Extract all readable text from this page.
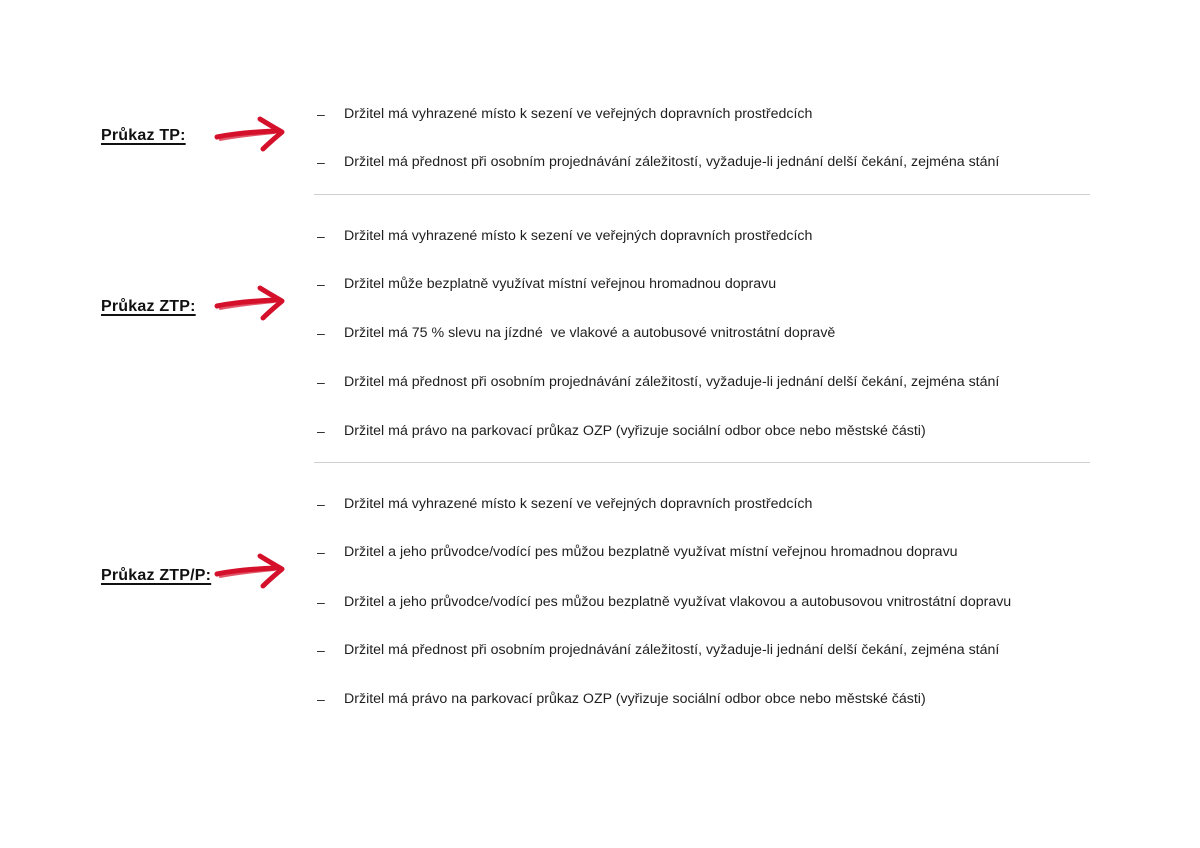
Průkaz TP:
–	Držitel má vyhrazené místo k sezení ve veřejných dopravních prostředcích
–	Držitel má přednost při osobním projednávání záležitostí, vyžaduje-li jednání delší čekání, zejména stání
Průkaz ZTP:
–	Držitel má vyhrazené místo k sezení ve veřejných dopravních prostředcích
–	Držitel může bezplatně využívat místní veřejnou hromadnou dopravu
–	Držitel má 75 % slevu na jízdné  ve vlakové a autobusové vnitrostátní dopravě
–	Držitel má přednost při osobním projednávání záležitostí, vyžaduje-li jednání delší čekání, zejména stání
–	Držitel má právo na parkovací průkaz OZP (vyřizuje sociální odbor obce nebo městské části)
Průkaz ZTP/P:
–	Držitel má vyhrazené místo k sezení ve veřejných dopravních prostředcích
–	Držitel a jeho průvodce/vodící pes můžou bezplatně využívat místní veřejnou hromadnou dopravu
–	Držitel a jeho průvodce/vodící pes můžou bezplatně využívat vlakovou a autobusovou vnitrostátní dopravu
–	Držitel má přednost při osobním projednávání záležitostí, vyžaduje-li jednání delší čekání, zejména stání
–	Držitel má právo na parkovací průkaz OZP (vyřizuje sociální odbor obce nebo městské části)
